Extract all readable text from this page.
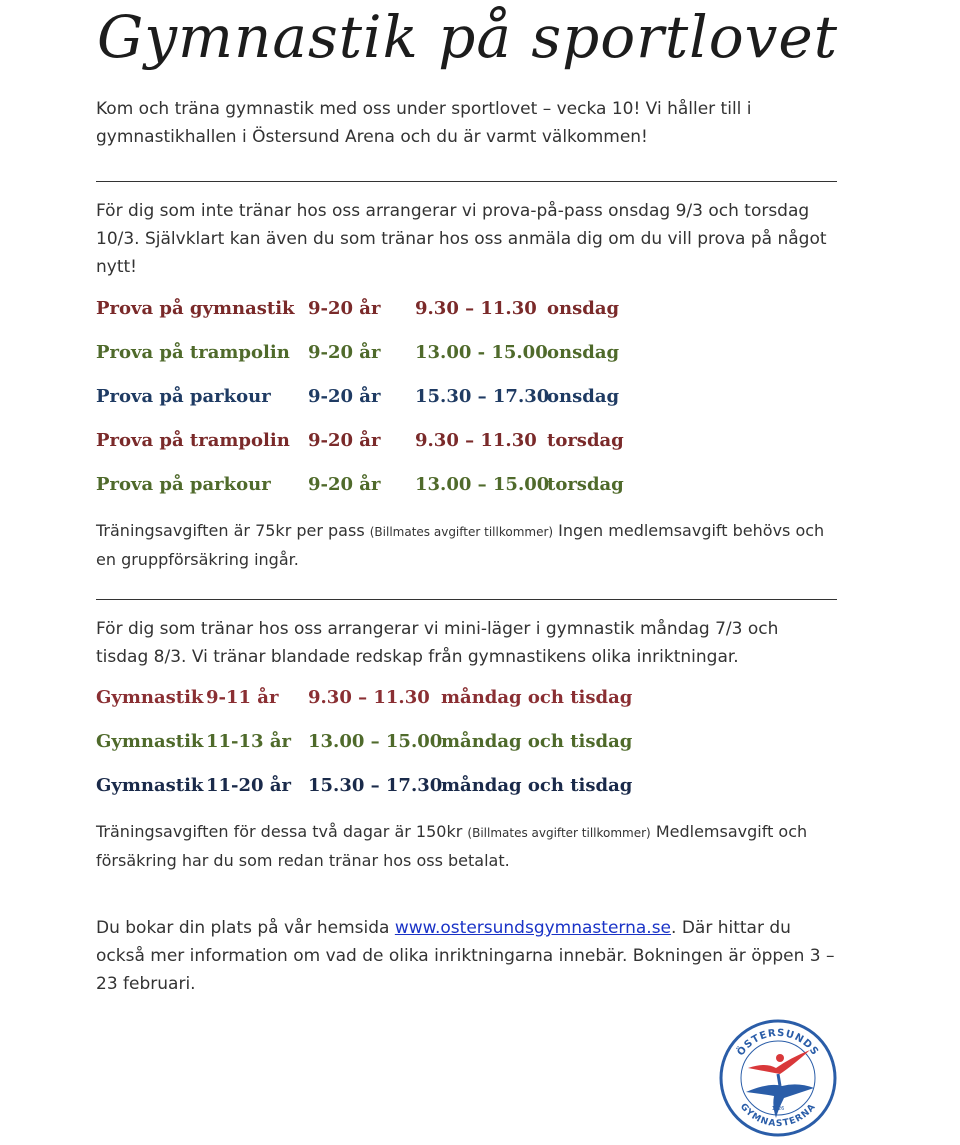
Gymnastik på sportlovet
Kom och träna gymnastik med oss under sportlovet – vecka 10! Vi håller till i gymnastikhallen i Östersund Arena och du är varmt välkommen!
För dig som inte tränar hos oss arrangerar vi prova-på-pass onsdag 9/3 och torsdag 10/3. Självklart kan även du som tränar hos oss anmäla dig om du vill prova på något nytt!
Prova på gymnastik 9-20 år 9.30 – 11.30 onsdag
Prova på trampolin 9-20 år 13.00 - 15.00 onsdag
Prova på parkour 9-20 år 15.30 – 17.30
onsdag
Prova på trampolin 9-20 år 9.30 – 11.30 torsdag
Prova på parkour 9-20 år 13.00 – 15.00
torsdag
Träningsavgiften är 75kr per pass (Billmates avgifter tillkommer) Ingen medlemsavgift behövs och en gruppförsäkring ingår.
För dig som tränar hos oss arrangerar vi mini-läger i gymnastik måndag 7/3 och tisdag 8/3. Vi tränar blandade redskap från gymnastikens olika inriktningar.
Gymnastik 9-11 år 9.30 – 11.30 måndag och tisdag
Gymnastik 11-13 år 13.00 – 15.00
måndag och tisdag
Gymnastik 11-20 år 15.30 – 17.30
måndag och tisdag
Träningsavgiften för dessa två dagar är 150kr (Billmates avgifter tillkommer) Medlemsavgift och försäkring har du som redan tränar hos oss betalat.
Du bokar din plats på vår hemsida www.ostersundsgymnasterna.se. Där hittar du också mer information om vad de olika inriktningarna innebär. Bokningen är öppen 3 – 23 februari.
ÖSTERSUNDS
GYMNASTERNA
1926
